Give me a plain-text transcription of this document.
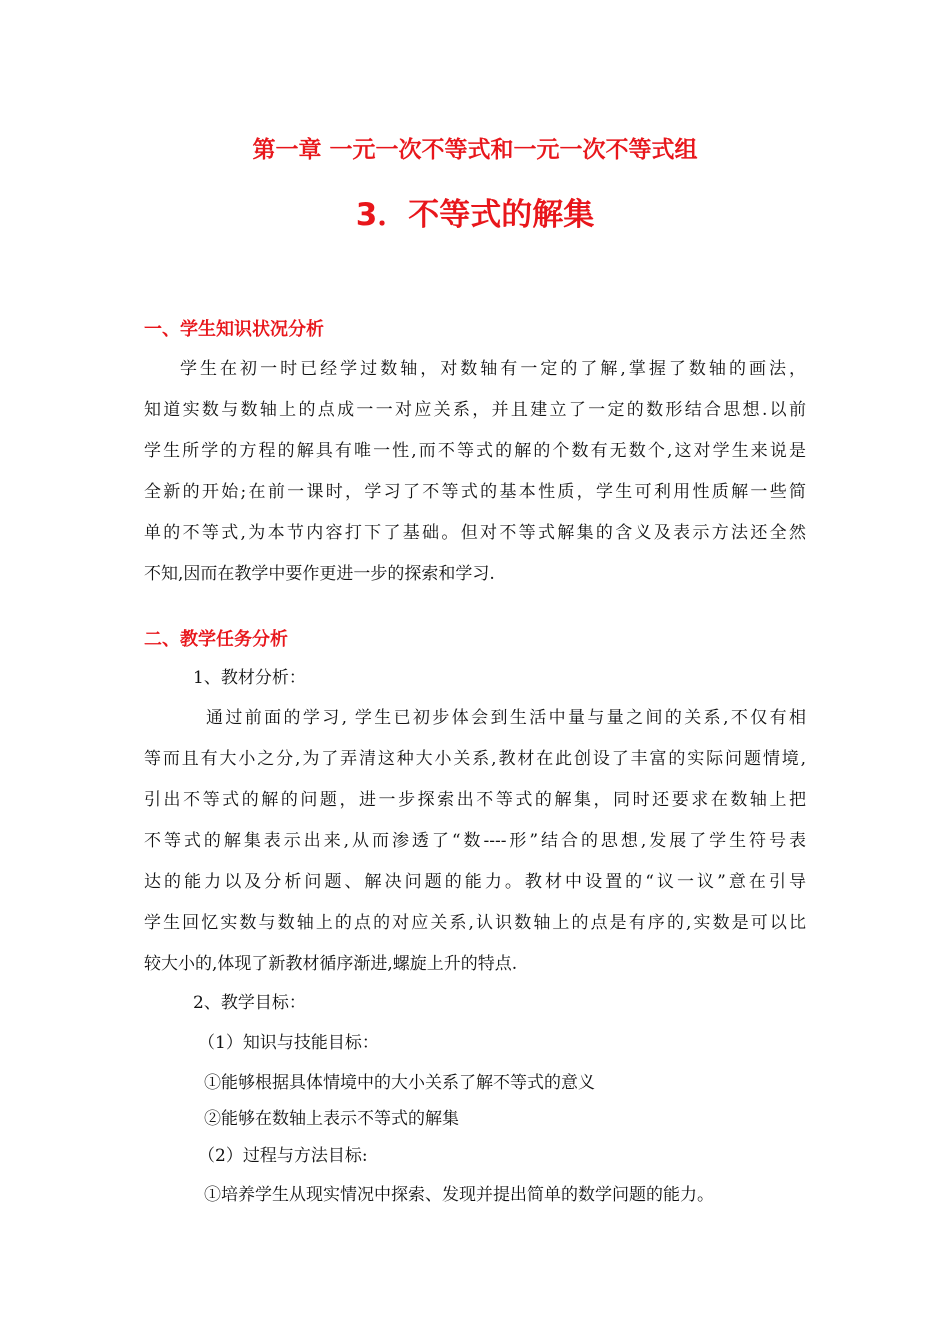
第一章 一元一次不等式和一元一次不等式组
3．不等式的解集
一、学生知识状况分析
学生在初一时已经学过数轴，对数轴有一定的了解,掌握了数轴的画法，
知道实数与数轴上的点成一一对应关系，并且建立了一定的数形结合思想.以前
学生所学的方程的解具有唯一性,而不等式的解的个数有无数个,这对学生来说是
全新的开始;在前一课时，学习了不等式的基本性质，学生可利用性质解一些简
单的不等式,为本节内容打下了基础。但对不等式解集的含义及表示方法还全然
不知,因而在教学中要作更进一步的探索和学习.
二、教学任务分析
1、教材分析：
通过前面的学习, 学生已初步体会到生活中量与量之间的关系,不仅有相
等而且有大小之分,为了弄清这种大小关系,教材在此创设了丰富的实际问题情境,
引出不等式的解的问题，进一步探索出不等式的解集，同时还要求在数轴上把
不等式的解集表示出来,从而渗透了“数----形”结合的思想,发展了学生符号表
达的能力以及分析问题、解决问题的能力。教材中设置的“议一议”意在引导
学生回忆实数与数轴上的点的对应关系,认识数轴上的点是有序的,实数是可以比
较大小的,体现了新教材循序渐进,螺旋上升的特点.
2、教学目标：
（1）知识与技能目标：
①能够根据具体情境中的大小关系了解不等式的意义
②能够在数轴上表示不等式的解集
（2）过程与方法目标:
①培养学生从现实情况中探索、发现并提出简单的数学问题的能力。
